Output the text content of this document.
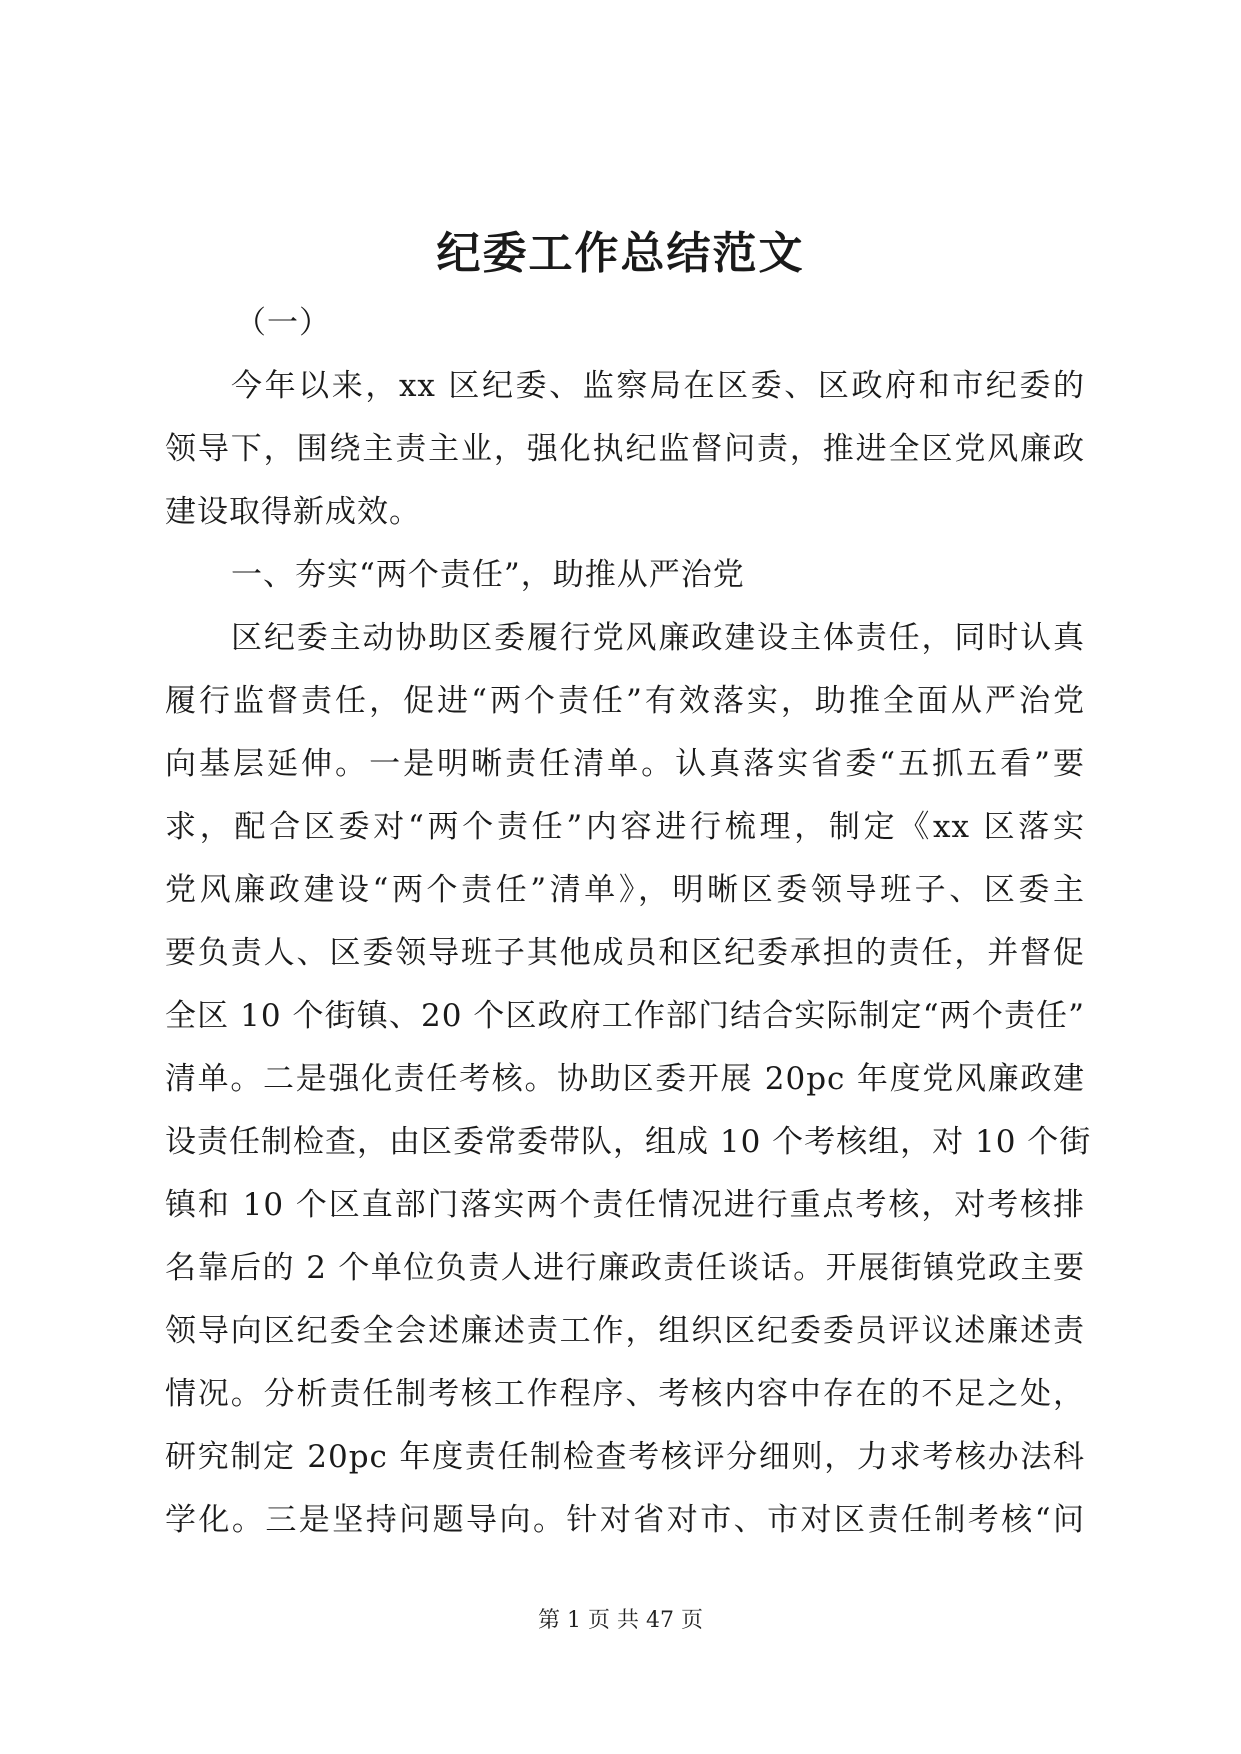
纪委工作总结范文
（一）
今年以来，xx 区纪委、监察局在区委、区政府和市纪委的
领导下，围绕主责主业，强化执纪监督问责，推进全区党风廉政
建设取得新成效。
一、夯实“两个责任”，助推从严治党
区纪委主动协助区委履行党风廉政建设主体责任，同时认真
履行监督责任，促进“两个责任”有效落实，助推全面从严治党
向基层延伸。一是明晰责任清单。认真落实省委“五抓五看”要
求，配合区委对“两个责任”内容进行梳理，制定《xx 区落实
党风廉政建设“两个责任”清单》，明晰区委领导班子、区委主
要负责人、区委领导班子其他成员和区纪委承担的责任，并督促
全区 10 个街镇、20 个区政府工作部门结合实际制定“两个责任”
清单。二是强化责任考核。协助区委开展 20pc 年度党风廉政建
设责任制检查，由区委常委带队，组成 10 个考核组，对 10 个街
镇和 10 个区直部门落实两个责任情况进行重点考核，对考核排
名靠后的 2 个单位负责人进行廉政责任谈话。开展街镇党政主要
领导向区纪委全会述廉述责工作，组织区纪委委员评议述廉述责
情况。分析责任制考核工作程序、考核内容中存在的不足之处，
研究制定 20pc 年度责任制检查考核评分细则，力求考核办法科
学化。三是坚持问题导向。针对省对市、市对区责任制考核“问
第 1 页 共 47 页
